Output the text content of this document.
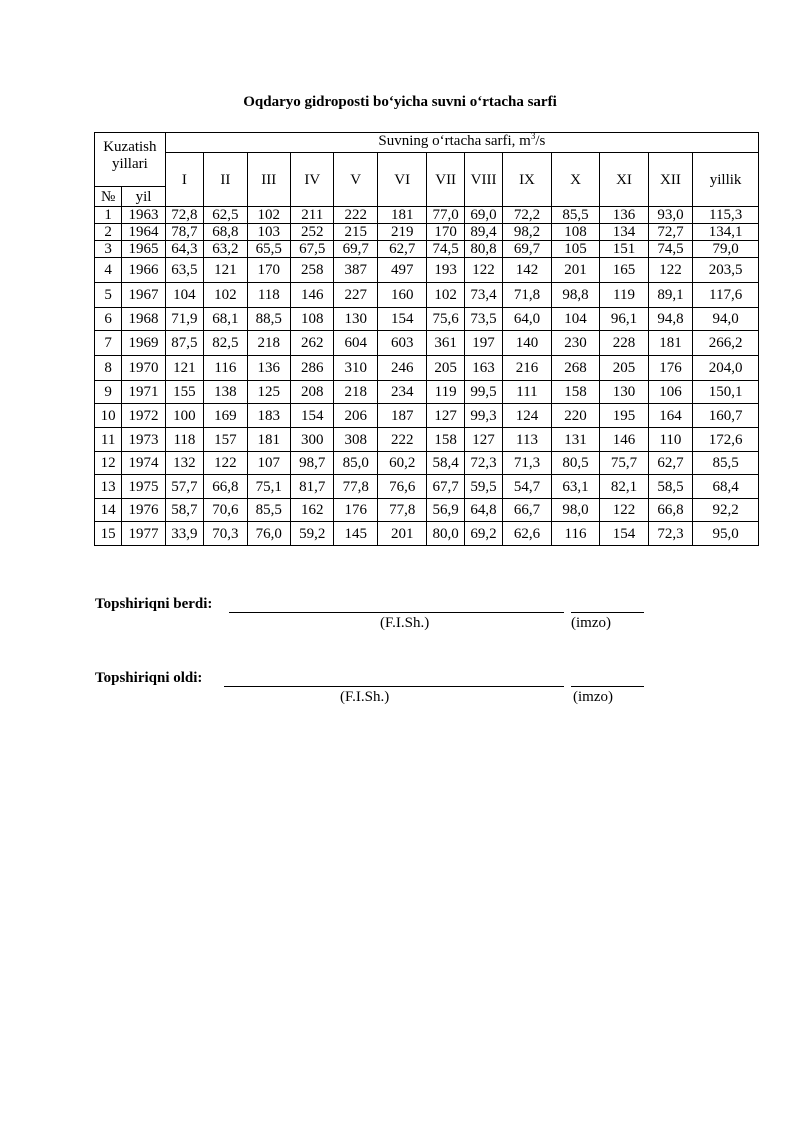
Oqdaryo gidroposti bo‘yicha suvni o‘rtacha sarfi
Kuzatish yillari		Suvning o‘rtacha sarfi, $m^3/s$												
		I	II	III	IV	V	VI	VII	VIII	IX	X	XI	XII	yillik
№	yil													
1	1963	72,8	62,5	102	211	222	181	77,0	69,0	72,2	85,5	136	93,0	115,3
2	1964	78,7	68,8	103	252	215	219	170	89,4	98,2	108	134	72,7	134,1
3	1965	64,3	63,2	65,5	67,5	69,7	62,7	74,5	80,8	69,7	105	151	74,5	79,0
4	1966	63,5	121	170	258	387	497	193	122	142	201	165	122	203,5
5	1967	104	102	118	146	227	160	102	73,4	71,8	98,8	119	89,1	117,6
6	1968	71,9	68,1	88,5	108	130	154	75,6	73,5	64,0	104	96,1	94,8	94,0
7	1969	87,5	82,5	218	262	604	603	361	197	140	230	228	181	266,2
8	1970	121	116	136	286	310	246	205	163	216	268	205	176	204,0
9	1971	155	138	125	208	218	234	119	99,5	111	158	130	106	150,1
10	1972	100	169	183	154	206	187	127	99,3	124	220	195	164	160,7
11	1973	118	157	181	300	308	222	158	127	113	131	146	110	172,6
12	1974	132	122	107	98,7	85,0	60,2	58,4	72,3	71,3	80,5	75,7	62,7	85,5
13	1975	57,7	66,8	75,1	81,7	77,8	76,6	67,7	59,5	54,7	63,1	82,1	58,5	68,4
14	1976	58,7	70,6	85,5	162	176	77,8	56,9	64,8	66,7	98,0	122	66,8	92,2
15	1977	33,9	70,3	76,0	59,2	145	201	80,0	69,2	62,6	116	154	72,3	95,0
Topshiriqni berdi:
(F.I.Sh.)	(imzo)
Topshiriqni oldi:
(F.I.Sh.)	(imzo)
